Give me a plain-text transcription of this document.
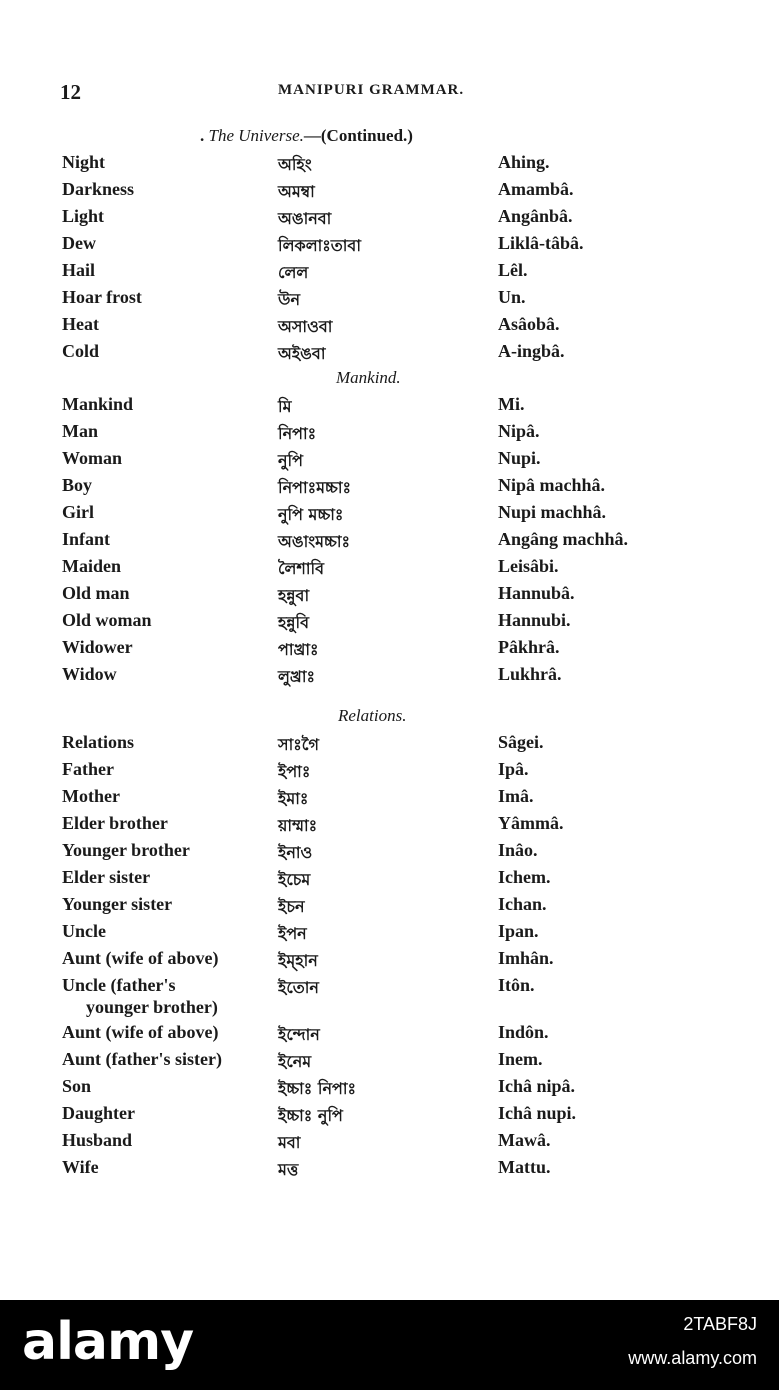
12	MANIPURI GRAMMAR.
. The Universe.—(Continued.)
Night	অহিং	Ahing.
Darkness	অমম্বা	Amambâ.
Light	অঙানবা	Angânbâ.
Dew	লিকলাঃতাবা	Liklâ-tâbâ.
Hail	লেল	Lêl.
Hoar frost	উন	Un.
Heat	অসাওবা	Asâobâ.
Cold	অইঙবা	A-ingbâ.
Mankind.
Mankind	মি	Mi.
Man	নিপাঃ	Nipâ.
Woman	নুপি	Nupi.
Boy	নিপাঃমচ্চাঃ	Nipâ machhâ.
Girl	নুপি মচ্চাঃ	Nupi machhâ.
Infant	অঙাংমচ্চাঃ	Angâng machhâ.
Maiden	লৈশাবি	Leisâbi.
Old man	হন্নুবা	Hannubâ.
Old woman	হন্নুবি	Hannubi.
Widower	পাখ্রাঃ	Pâkhrâ.
Widow	লুখ্রাঃ	Lukhrâ.
Relations.
Relations	সাঃগৈ	Sâgei.
Father	ইপাঃ	Ipâ.
Mother	ইমাঃ	Imâ.
Elder brother	য়াম্মাঃ	Yâmmâ.
Younger brother	ইনাও	Inâo.
Elder sister	ইচেম	Ichem.
Younger sister	ইচন	Ichan.
Uncle	ইপন	Ipan.
Aunt (wife of above)	ইম্হান	Imhân.
Uncle (father's
younger brother)
ইতোন	Itôn.
Aunt (wife of above)	ইন্দোন	Indôn.
Aunt (father's sister)	ইনেম	Inem.
Son	ইচ্চাঃ নিপাঃ	Ichâ nipâ.
Daughter	ইচ্চাঃ নুপি	Ichâ nupi.
Husband	মবা	Mawâ.
Wife	মত্ত	Mattu.
alamy	2TABF8J
www.alamy.com
